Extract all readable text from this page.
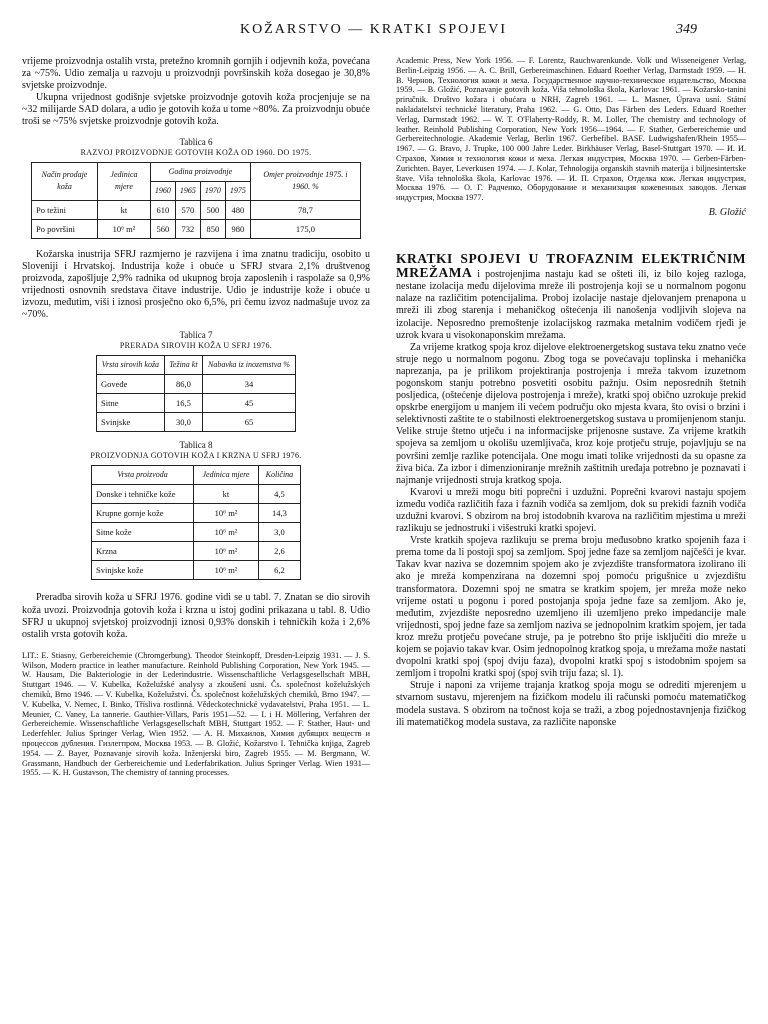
KOŽARSTVO — KRATKI SPOJEVI	349

vrijeme proizvodnja ostalih vrsta, pretežno kromnih gornjih i odjevnih koža, povećana za ~75%. Udio zemalja u razvoju u proizvodnji površinskih koža dosegao je 30,8% svjetske proizvodnje.

Ukupna vrijednost godišnje svjetske proizvodnje gotovih koža procjenjuje se na ~32 milijarde SAD dolara, a udio je gotovih koža u tome ~80%. Za proizvodnju obuće troši se ~75% svjetske proizvodnje gotovih koža.

Tablica 6
RAZVOJ PROIZVODNJE GOTOVIH KOŽA OD 1960. DO 1975.
Način prodaje koža	Jedinica mjere	Godina proizvodnje				Omjer proizvodnje 1975. i 1960. %
		1960	1965	1970	1975	
Po težini	kt	610	570	500	480	78,7
Po površini	10⁶ m²	560	732	850	980	175,0

Kožarska inustrija SFRJ razmjerno je razvijena i ima znatnu tradiciju, osobito u Sloveniji i Hrvatskoj. Industrija kože i obuće u SFRJ stvara 2,1% društvenog proizvoda, zapošljuje 2,9% radnika od ukupnog broja zaposlenih i raspolaže sa 0,9% vrijednosti osnovnih sredstava čitave industrije. Udio je industrije kože i obuće u izvozu, međutim, viši i iznosi prosječno oko 6,5%, pri čemu izvoz nadmašuje uvoz za ~70%.

Tablica 7
PRERADA SIROVIH KOŽA U SFRJ 1976.
Vrsta sirovih koža	Težina kt	Nabavka iz inozemstva %
Goveđe	86,0	34
Sitne	16,5	45
Svinjske	30,0	65
Tablica 8
PROIZVODNJA GOTOVIH KOŽA I KRZNA U SFRJ 1976.
Vrsta proizvoda	Jedinica mjere	Količina
Donske i tehničke kože	kt	4,5
Krupne gornje kože	10⁶ m²	14,3
Sitne kože	10⁶ m²	3,0
Krzna	10⁶ m²	2,6
Svinjske kože	10⁶ m²	6,2

Preradba sirovih koža u SFRJ 1976. godine vidi se u tabl. 7. Znatan se dio sirovih koža uvozi. Proizvodnja gotovih koža i krzna u istoj godini prikazana u tabl. 8. Udio SFRJ u ukupnoj svjetskoj proizvodnji iznosi 0,93% donskih i tehničkih koža i 2,6% ostalih vrsta gotovih koža.

LIT.: E. Stiasny, Gerbereichemie (Chromgerbung). Theodor Steinkopff, Dresden-Leipzig 1931. — J. S. Wilson, Modern practice in leather manufacture. Reinhold Publishing Corporation, New York 1945. — W. Hausam, Die Bakteriologie in der Lederindustrie. Wissenschaftliche Verlagsgesellschaft MBH, Stuttgart 1946. — V. Kubelka, Koželužské analysy a zkoušení usni. Čs. společnost koželužských chemiků, Brno 1946. — V. Kubelka, Koželužství. Čs. společnost koželužských chemiků, Brno 1947. — V. Kubelka, V. Nemec, I. Binko, Tříslivа rostlinná. Vědeckotechnické vydavatelství, Praha 1951. — L. Meunier, C. Vaney, La tannerie. Gauthier-Villars, Paris 1951—52. — I. i H. Möllering, Verfahren der Gerbereichemie. Wissenschaftliche Verlagsgesellschaft MBH, Stuttgart 1952. — F. Stather, Haut- und Lederfehler. Julius Springer Verlag, Wien 1952. — A. H. Михаилов, Химия дубящих веществ и процессов дубления. Гизлегпром, Москва 1953. — B. Gložić, Kožarstvo I. Tehnička knjiga, Zagreb 1954. — Z. Bayer, Poznavanje sirovih koža. Inženjerski biro, Zagreb 1955. — M. Bergmann, W. Grassmann, Handbuch der Gerbereichemie und Lederfabrikation. Julius Springer Verlag. Wien 1931—1955. — K. H. Gustavson, The chemistry of tanning processes.
Academic Press, New York 1956. — F. Lorentz, Rauchwarenkunde. Volk und Wisseneigener Verlag, Berlin-Leipzig 1956. — A. C. Brill, Gerbereimaschinen. Eduard Roether Verlag, Darmstadt 1959. — H. B. Чернов, Технология кожи и меха. Государственное научно-техническое издательство, Москва 1959. — B. Gložić, Poznavanje gotovih koža. Viša tehnološka škola, Karlovac 1961. — Kožarsko-tanini priručnik. Društvo kožara i obućara u NRH, Zagreb 1961. — L. Masner, Úprava usní. Státní nakladatelství technické literatury, Praha 1962. — G. Otto, Das Färben des Leders. Eduard Roether Verlag, Darmstadt 1962. — W. T. O'Flaherty-Roddy, R. M. Loller, The chemistry and technology of leather. Reinhold Publishing Corporation, New York 1956—1964. — F. Stather, Gerbereichemie und Gerbereitechnologie. Akademie Verlag, Berlin 1967. Gerbefibel. BASF. Ludwigshafen/Rhein 1955—1967. — G. Bravo, J. Trupke, 100 000 Jahre Leder. Birkhäuser Verlag, Basel-Stuttgart 1970. — И. И. Страхов, Химия и технология кожи и меха. Легкая индустрия, Москва 1970. — Gerben-Färben-Zurichten. Bayer, Leverkusen 1974. — J. Kolar, Tehnologija organskih stavnih materija i biljnesintertske štave. Viša tehnološka škola, Karlovac 1976. — И. П. Страхов, Отделка кож. Легкая индустрия, Москва 1976. — О. Г. Радченко, Оборудование и механизация кожевенных заводов. Легкая индустрия, Москва 1977.
B. Gložić

KRATKI SPOJEVI U TROFAZNIM ELEKTRIČNIM MREŽAMA i postrojenjima nastaju kad se ošteti ili, iz bilo kojeg razloga, nestane izolacija među dijelovima mreže ili postrojenja koji se u normalnom pogonu nalaze na različitim potencijalima. Proboj izolacije nastaje djelovanjem prenapona u mreži ili zbog starenja i mehaničkog oštećenja ili nanošenja vodljivih slojeva na izolacije. Neposredno premoštenje izolacijskog razmaka metalnim vodičem rjeđi je uzrok kvara u visokonaponskim mrežama.

Za vrijeme kratkog spoja kroz dijelove elektroenergetskog sustava teku znatno veće struje nego u normalnom pogonu. Zbog toga se povećavaju toplinska i mehanička naprezanja, pa je prilikom projektiranja postrojenja i mreža takvom izuzetnom pogonskom stanju potrebno posvetiti osobitu pažnju. Osim neposrednih štetnih posljedica, (oštećenje dijelova postrojenja i mreže), kratki spoj obično uzrokuje prekid opskrbe energijom u manjem ili većem području oko mjesta kvara, što ovisi o brzini i selektivnosti zaštite te o stabilnosti elektroenergetskog sustava u promijenjenom stanju. Velike struje štetno utječu i na informacijske prijenosne sustave. Za vrijeme kratkih spojeva sa zemljom u okolišu uzemljivača, kroz koje protječu struje, pojavljuju se na površini zemlje razlike potencijala. One mogu imati tolike vrijednosti da su opasne za živa bića. Za izbor i dimenzioniranje mrežnih zaštitnih uređaja potrebno je poznavati i najmanje vrijednosti struja kratkog spoja.

Kvarovi u mreži mogu biti poprečni i uzdužni. Poprečni kvarovi nastaju spojem između vodiča različitih faza i faznih vodiča sa zemljom, dok su prekidi faznih vodiča uzdužni kvarovi. S obzirom na broj istodobnih kvarova na različitim mjestima u mreži razlikuju se jednostruki i višestruki kratki spojevi.

Vrste kratkih spojeva razlikuju se prema broju međusobno kratko spojenih faza i prema tome da li postoji spoj sa zemljom. Spoj jedne faze sa zemljom najčešći je kvar. Takav kvar naziva se dozemnim spojem ako je zvjezdište transformatora izolirano ili ako je mreža kompenzirana na dozemni spoj pomoću prigušnice u zvjezdištu transformatora. Dozemni spoj ne smatra se kratkim spojem, jer mreža može neko vrijeme ostati u pogonu i pored postojanja spoja jedne faze sa zemljom. Ako je, međutim, zvjezdište neposredno uzemljeno ili uzemljeno preko impedancije male vrijednosti, spoj jedne faze sa zemljom naziva se jednopolnim kratkim spojem, jer tada kroz mrežu protječu povećane struje, pa je potrebno što prije isključiti dio mreže u kojem se pojavio takav kvar. Osim jednopolnog kratkog spoja, u mrežama može nastati dvopolni kratki spoj (spoj dviju faza), dvopolni kratki spoj s istodobnim spojem sa zemljom i tropolni kratki spoj (spoj svih triju faza; sl. 1).

Struje i naponi za vrijeme trajanja kratkog spoja mogu se odrediti mjerenjem u stvarnom sustavu, mjerenjem na fizičkom modelu ili računski pomoću matematičkog modela sustava. S obzirom na točnost koja se traži, a zbog pojednostavnjenja fizičkog ili matematičkog modela sustava, za različite naponske
